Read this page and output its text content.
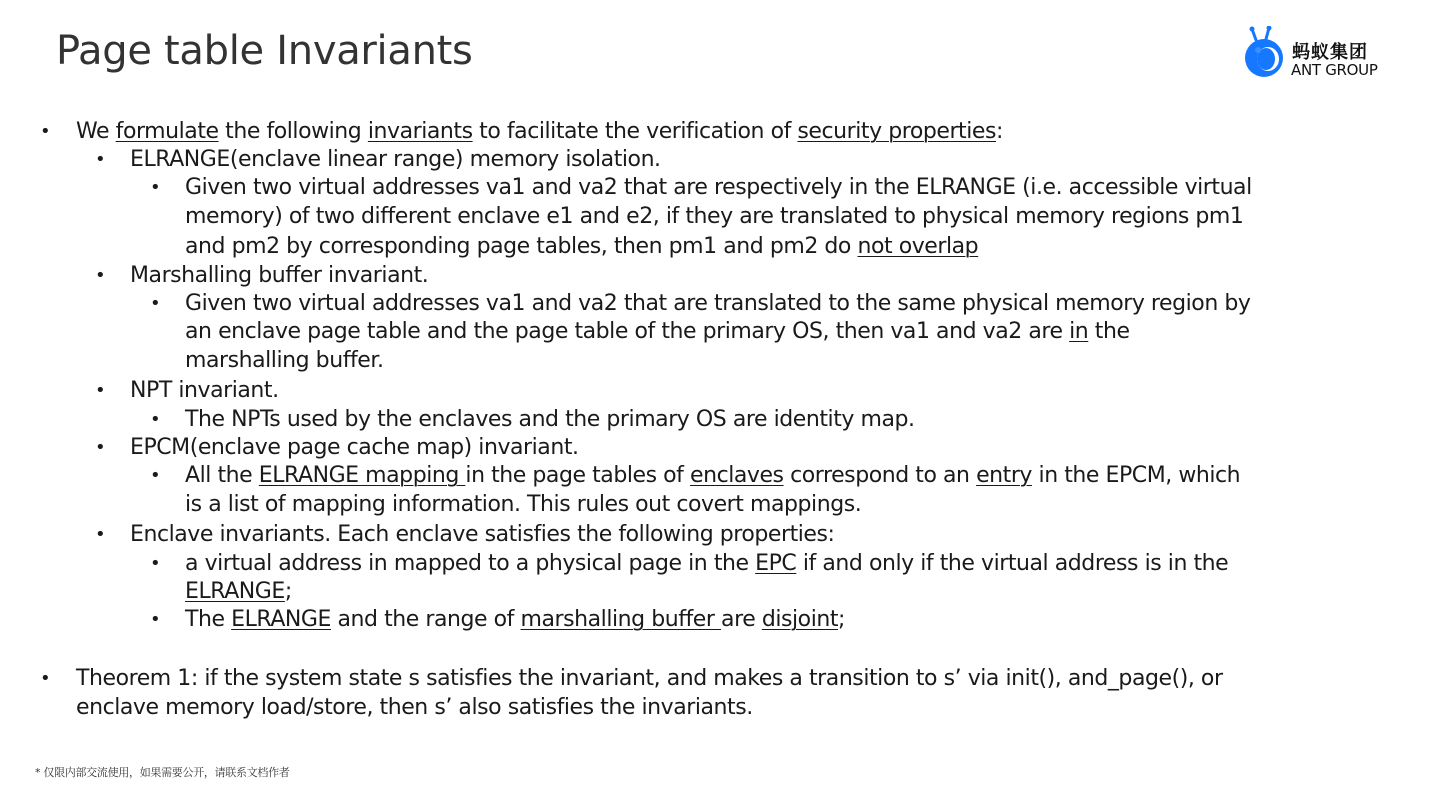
Page table Invariants	蚂蚁集团
ANT GROUP
• We formulate the following invariants to facilitate the verification of security properties:
• ELRANGE(enclave linear range) memory isolation.
• Given two virtual addresses va1 and va2 that are respectively in the ELRANGE (i.e. accessible virtual
memory) of two different enclave e1 and e2, if they are translated to physical memory regions pm1
and pm2 by corresponding page tables, then pm1 and pm2 do not overlap
• Marshalling buffer invariant.
• Given two virtual addresses va1 and va2 that are translated to the same physical memory region by
an enclave page table and the page table of the primary OS, then va1 and va2 are in the
marshalling buffer.
• NPT invariant.
• The NPTs used by the enclaves and the primary OS are identity map.
• EPCM(enclave page cache map) invariant.
• All the ELRANGE mapping in the page tables of enclaves correspond to an entry in the EPCM, which
is a list of mapping information. This rules out covert mappings.
• Enclave invariants. Each enclave satisfies the following properties:
• a virtual address in mapped to a physical page in the EPC if and only if the virtual address is in the
ELRANGE;
• The ELRANGE and the range of marshalling buffer are disjoint;
• Theorem 1: if the system state s satisfies the invariant, and makes a transition to s’ via init(), and_page(), or
enclave memory load/store, then s’ also satisfies the invariants.
* 仅限内部交流使用，如果需要公开，请联系文档作者
